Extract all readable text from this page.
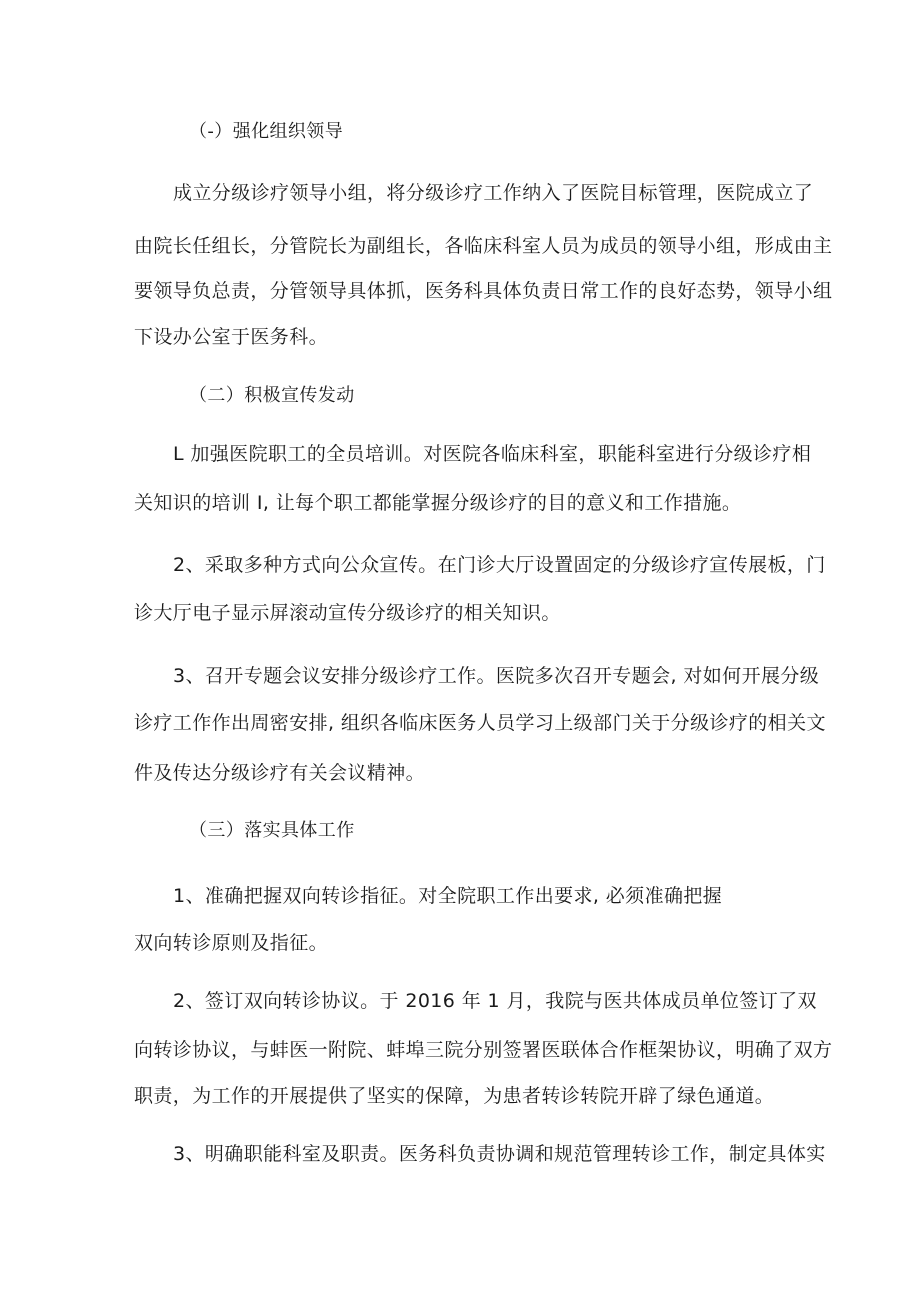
（-）强化组织领导
成立分级诊疗领导小组，将分级诊疗工作纳入了医院目标管理，医院成立了
由院长任组长，分管院长为副组长，各临床科室人员为成员的领导小组，形成由主
要领导负总责，分管领导具体抓，医务科具体负责日常工作的良好态势，领导小组
下设办公室于医务科。
（二）积极宣传发动
L 加强医院职工的全员培训。对医院各临床科室，职能科室进行分级诊疗相
关知识的培训 I, 让每个职工都能掌握分级诊疗的目的意义和工作措施。
2、采取多种方式向公众宣传。在门诊大厅设置固定的分级诊疗宣传展板，门
诊大厅电子显示屏滚动宣传分级诊疗的相关知识。
3、召开专题会议安排分级诊疗工作。医院多次召开专题会, 对如何开展分级
诊疗工作作出周密安排, 组织各临床医务人员学习上级部门关于分级诊疗的相关文
件及传达分级诊疗有关会议精神。
（三）落实具体工作
1、准确把握双向转诊指征。对全院职工作出要求, 必须准确把握
双向转诊原则及指征。
2、签订双向转诊协议。于 2016 年 1 月，我院与医共体成员单位签订了双
向转诊协议，与蚌医一附院、蚌埠三院分别签署医联体合作框架协议，明确了双方
职责，为工作的开展提供了坚实的保障，为患者转诊转院开辟了绿色通道。
3、明确职能科室及职责。医务科负责协调和规范管理转诊工作，制定具体实
